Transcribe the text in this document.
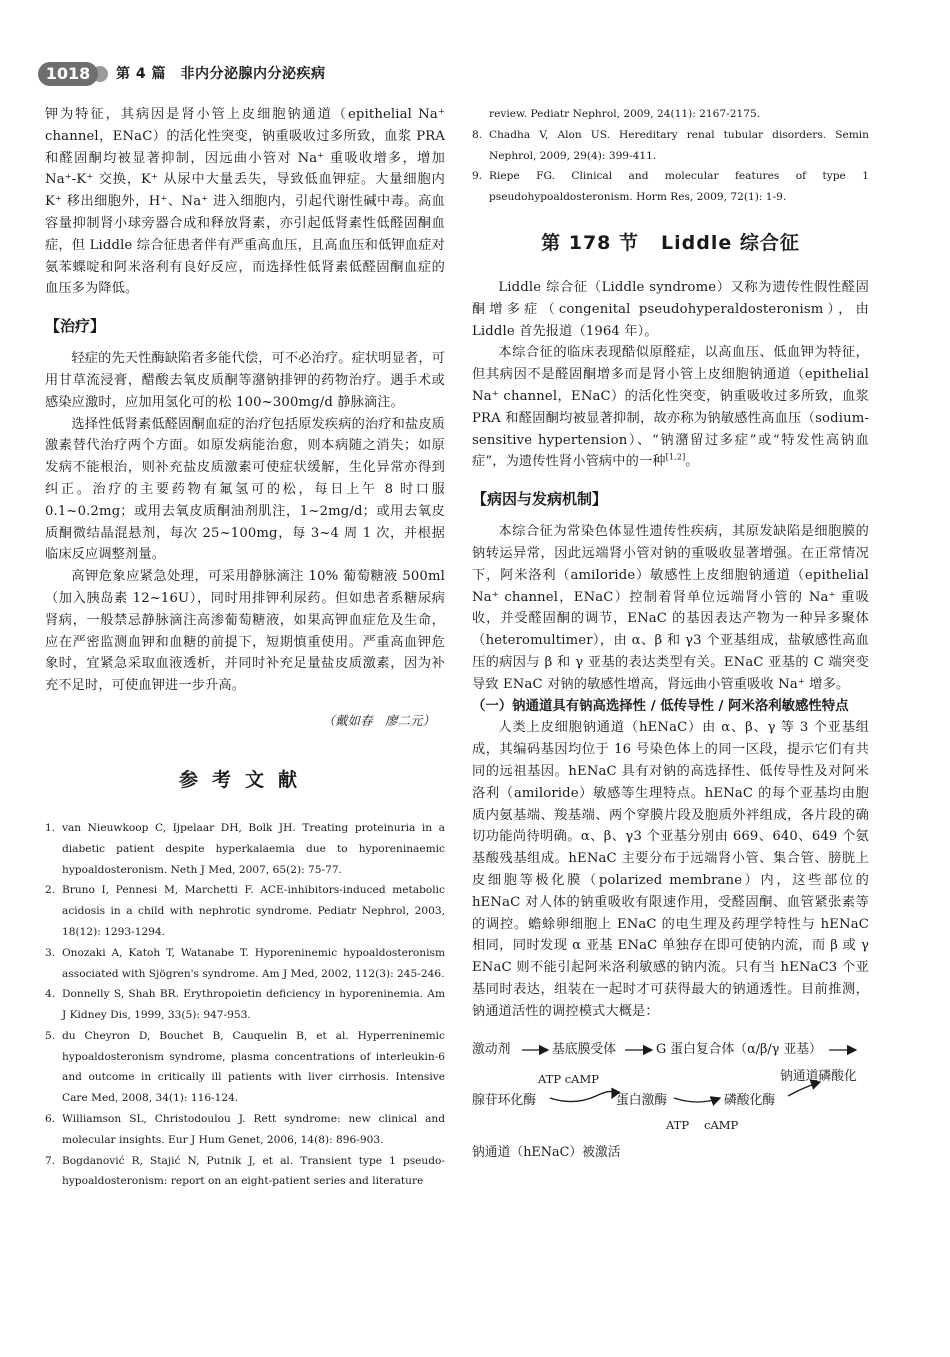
1018	第 4 篇　非内分泌腺内分泌疾病

钾为特征，其病因是肾小管上皮细胞钠通道（epithelial Na⁺ channel，ENaC）的活化性突变，钠重吸收过多所致，血浆 PRA 和醛固酮均被显著抑制，因远曲小管对 Na⁺ 重吸收增多，增加 Na⁺-K⁺ 交换，K⁺ 从尿中大量丢失，导致低血钾症。大量细胞内 K⁺ 移出细胞外，H⁺、Na⁺ 进入细胞内，引起代谢性碱中毒。高血容量抑制肾小球旁器合成和释放肾素，亦引起低肾素性低醛固酮血症，但 Liddle 综合征患者伴有严重高血压，且高血压和低钾血症对氨苯蝶啶和阿米洛利有良好反应，而选择性低肾素低醛固酮血症的血压多为降低。

【治疗】

轻症的先天性酶缺陷者多能代偿，可不必治疗。症状明显者，可用甘草流浸膏，醋酸去氧皮质酮等潴钠排钾的药物治疗。遇手术或感染应激时，应加用氢化可的松 100~300mg/d 静脉滴注。

选择性低肾素低醛固酮血症的治疗包括原发疾病的治疗和盐皮质激素替代治疗两个方面。如原发病能治愈，则本病随之消失；如原发病不能根治，则补充盐皮质激素可使症状缓解，生化异常亦得到纠正。治疗的主要药物有氟氢可的松，每日上午 8 时口服 0.1~0.2mg；或用去氧皮质酮油剂肌注，1~2mg/d；或用去氧皮质酮微结晶混悬剂，每次 25~100mg，每 3~4 周 1 次，并根据临床反应调整剂量。

高钾危象应紧急处理，可采用静脉滴注 10% 葡萄糖液 500ml（加入胰岛素 12~16U），同时用排钾利尿药。但如患者系糖尿病肾病，一般禁忌静脉滴注高渗葡萄糖液，如果高钾血症危及生命，应在严密监测血钾和血糖的前提下，短期慎重使用。严重高血钾危象时，宜紧急采取血液透析，并同时补充足量盐皮质激素，因为补充不足时，可使血钾进一步升高。

（戴如春　廖二元）
参考文献
1. van Nieuwkoop C, Ijpelaar DH, Bolk JH. Treating proteinuria in a diabetic patient despite hyperkalaemia due to hyporeninaemic hypoaldosteronism. Neth J Med, 2007, 65(2): 75-77.
2. Bruno I, Pennesi M, Marchetti F. ACE-inhibitors-induced metabolic acidosis in a child with nephrotic syndrome. Pediatr Nephrol, 2003, 18(12): 1293-1294.
3. Onozaki A, Katoh T, Watanabe T. Hyporeninemic hypoaldosteronism associated with Sjögren's syndrome. Am J Med, 2002, 112(3): 245-246.
4. Donnelly S, Shah BR. Erythropoietin deficiency in hyporeninemia. Am J Kidney Dis, 1999, 33(5): 947-953.
5. du Cheyron D, Bouchet B, Cauquelin B, et al. Hyperreninemic hypoaldosteronism syndrome, plasma concentrations of interleukin-6 and outcome in critically ill patients with liver cirrhosis. Intensive Care Med, 2008, 34(1): 116-124.
6. Williamson SL, Christodoulou J. Rett syndrome: new clinical and molecular insights. Eur J Hum Genet, 2006, 14(8): 896-903.
7. Bogdanović R, Stajić N, Putnik J, et al. Transient type 1 pseudo-hypoaldosteronism: report on an eight-patient series and literature
review. Pediatr Nephrol, 2009, 24(11): 2167-2175.
8. Chadha V, Alon US. Hereditary renal tubular disorders. Semin Nephrol, 2009, 29(4): 399-411.
9. Riepe FG. Clinical and molecular features of type 1 pseudohypoaldosteronism. Horm Res, 2009, 72(1): 1-9.
第 178 节 Liddle 综合征

Liddle 综合征（Liddle syndrome）又称为遗传性假性醛固酮增多症（congenital pseudohyperaldosteronism），由 Liddle 首先报道（1964 年）。

本综合征的临床表现酷似原醛症，以高血压、低血钾为特征，但其病因不是醛固酮增多而是肾小管上皮细胞钠通道（epithelial Na⁺ channel，ENaC）的活化性突变，钠重吸收过多所致，血浆 PRA 和醛固酮均被显著抑制，故亦称为钠敏感性高血压（sodium-sensitive hypertension）、“钠潴留过多症”或“特发性高钠血症”，为遗传性肾小管病中的一种[1,2]。

【病因与发病机制】

本综合征为常染色体显性遗传性疾病，其原发缺陷是细胞膜的钠转运异常，因此远端肾小管对钠的重吸收显著增强。在正常情况下，阿米洛利（amiloride）敏感性上皮细胞钠通道（epithelial Na⁺ channel，ENaC）控制着肾单位远端肾小管的 Na⁺ 重吸收，并受醛固酮的调节，ENaC 的基因表达产物为一种异多聚体（heteromultimer），由 α、β 和 γ3 个亚基组成，盐敏感性高血压的病因与 β 和 γ 亚基的表达类型有关。ENaC 亚基的 C 端突变导致 ENaC 对钠的敏感性增高，肾远曲小管重吸收 Na⁺ 增多。

（一）钠通道具有钠高选择性 / 低传导性 / 阿米洛利敏感性特点

人类上皮细胞钠通道（hENaC）由 α、β、γ 等 3 个亚基组成，其编码基因均位于 16 号染色体上的同一区段，提示它们有共同的远祖基因。hENaC 具有对钠的高选择性、低传导性及对阿米洛利（amiloride）敏感等生理特点。hENaC 的每个亚基均由胞质内氨基端、羧基端、两个穿膜片段及胞质外袢组成，各片段的确切功能尚待明确。α、β、γ3 个亚基分别由 669、640、649 个氨基酸残基组成。hENaC 主要分布于远端肾小管、集合管、膀胱上皮细胞等极化膜（polarized membrane）内，这些部位的 hENaC 对人体的钠重吸收有限速作用，受醛固酮、血管紧张素等的调控。蟾蜍卵细胞上 ENaC 的电生理及药理学特性与 hENaC 相同，同时发现 α 亚基 ENaC 单独存在即可使钠内流，而 β 或 γ ENaC 则不能引起阿米洛利敏感的钠内流。只有当 hENaC3 个亚基同时表达，组装在一起时才可获得最大的钠通透性。目前推测，钠通道活性的调控模式大概是：

激动剂	基底膜受体	G 蛋白复合体（α/β/γ 亚基）
ATP cAMP	钠通道磷酸化
腺苷环化酶	蛋白激酶	磷酸化酶
ATP cAMP
钠通道（hENaC）被激活
